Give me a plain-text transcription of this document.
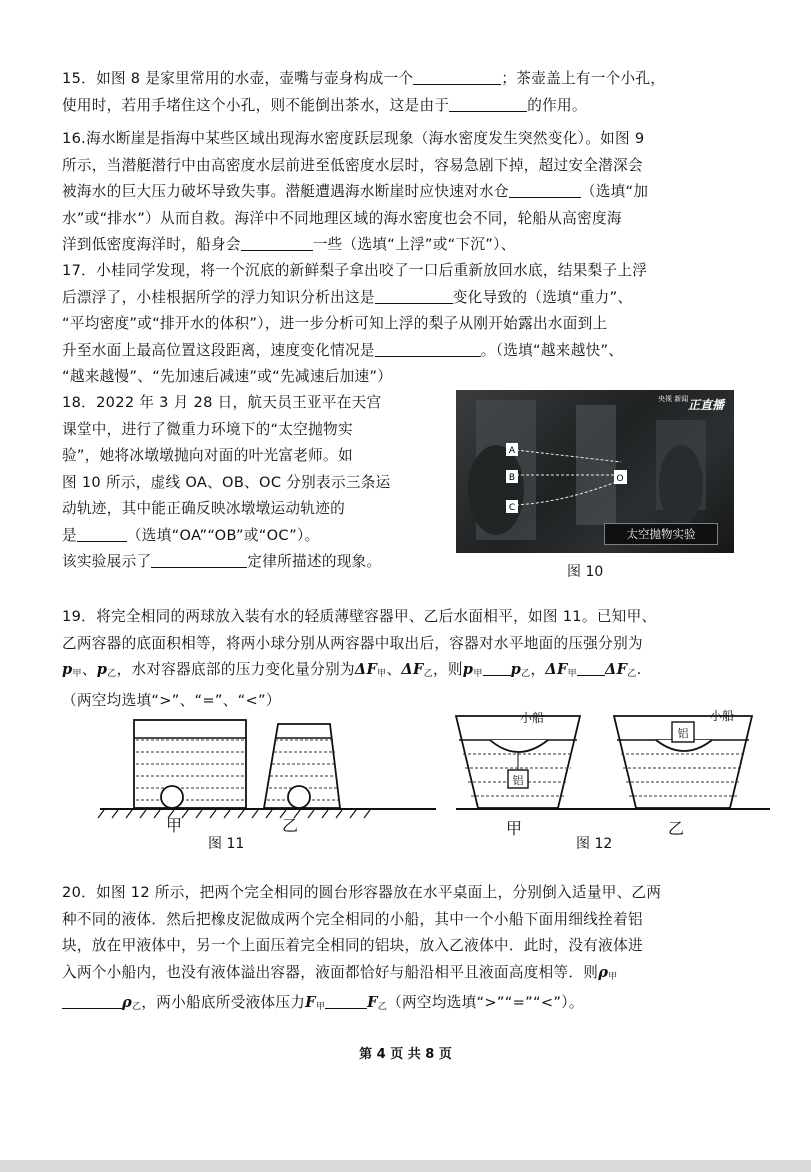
15．如图 8 是家里常用的水壶，壶嘴与壶身构成一个	；茶壶盖上有一个小孔，
使用时，若用手堵住这个小孔，则不能倒出茶水，这是由于	的作用。
16.海水断崖是指海中某些区域出现海水密度跃层现象（海水密度发生突然变化）。如图 9
所示，当潜艇潜行中由高密度水层前进至低密度水层时，容易急剧下掉，超过安全潜深会
被海水的巨大压力破坏导致失事。潜艇遭遇海水断崖时应快速对水仓	（选填“加
水”或“排水”）从而自救。海洋中不同地理区域的海水密度也会不同，轮船从高密度海
洋到低密度海洋时，船身会	一些（选填“上浮”或“下沉”）、
17．小桂同学发现，将一个沉底的新鲜梨子拿出咬了一口后重新放回水底，结果梨子上浮
后漂浮了，小桂根据所学的浮力知识分析出这是	变化导致的（选填“重力”、
“平均密度”或“排开水的体积”），进一步分析可知上浮的梨子从刚开始露出水面到上
升至水面上最高位置这段距离，速度变化情况是	。（选填“越来越快”、
“越来越慢”、“先加速后减速”或“先减速后加速”）
18．2022 年 3 月 28 日，航天员王亚平在天宫
课堂中，进行了微重力环境下的“太空抛物实
验”，她将冰墩墩抛向对面的叶光富老师。如
图 10 所示，虚线 OA、OB、OC 分别表示三条运
动轨迹，其中能正确反映冰墩墩运动轨迹的
是	（选填“OA”“OB”或“OC”）。
该实验展示了	定律所描述的现象。
A
B
C
O
央视 新闻 正直播
太空抛物实验
图 10
19．将完全相同的两球放入装有水的轻质薄壁容器甲、乙后水面相平，如图 11。已知甲、
乙两容器的底面积相等，将两小球分别从两容器中取出后，容器对水平地面的压强分别为
$p_甲$、$p_乙$，水对容器底部的压力变化量分别为$\Delta F_甲$、$\Delta F_乙$，则$p_甲$ $p_乙$，$\Delta F_甲$ $\Delta F_乙$.
（两空均选填“>”、“=”、“<”）
甲	乙
图 11
铝
小船
铝
小船
甲	乙
图 12
20．如图 12 所示，把两个完全相同的圆台形容器放在水平桌面上，分别倒入适量甲、乙两
种不同的液体．然后把橡皮泥做成两个完全相同的小船，其中一个小船下面用细线拴着铝
块，放在甲液体中，另一个上面压着完全相同的铝块，放入乙液体中．此时，没有液体进
入两个小船内，也没有液体溢出容器，液面都恰好与船沿相平且液面高度相等．则$\rho_甲$
$\rho_乙$，两小船底所受液体压力$F_甲$	$F_乙$（两空均选填“>”“=”“<”）。
第 4 页 共 8 页
